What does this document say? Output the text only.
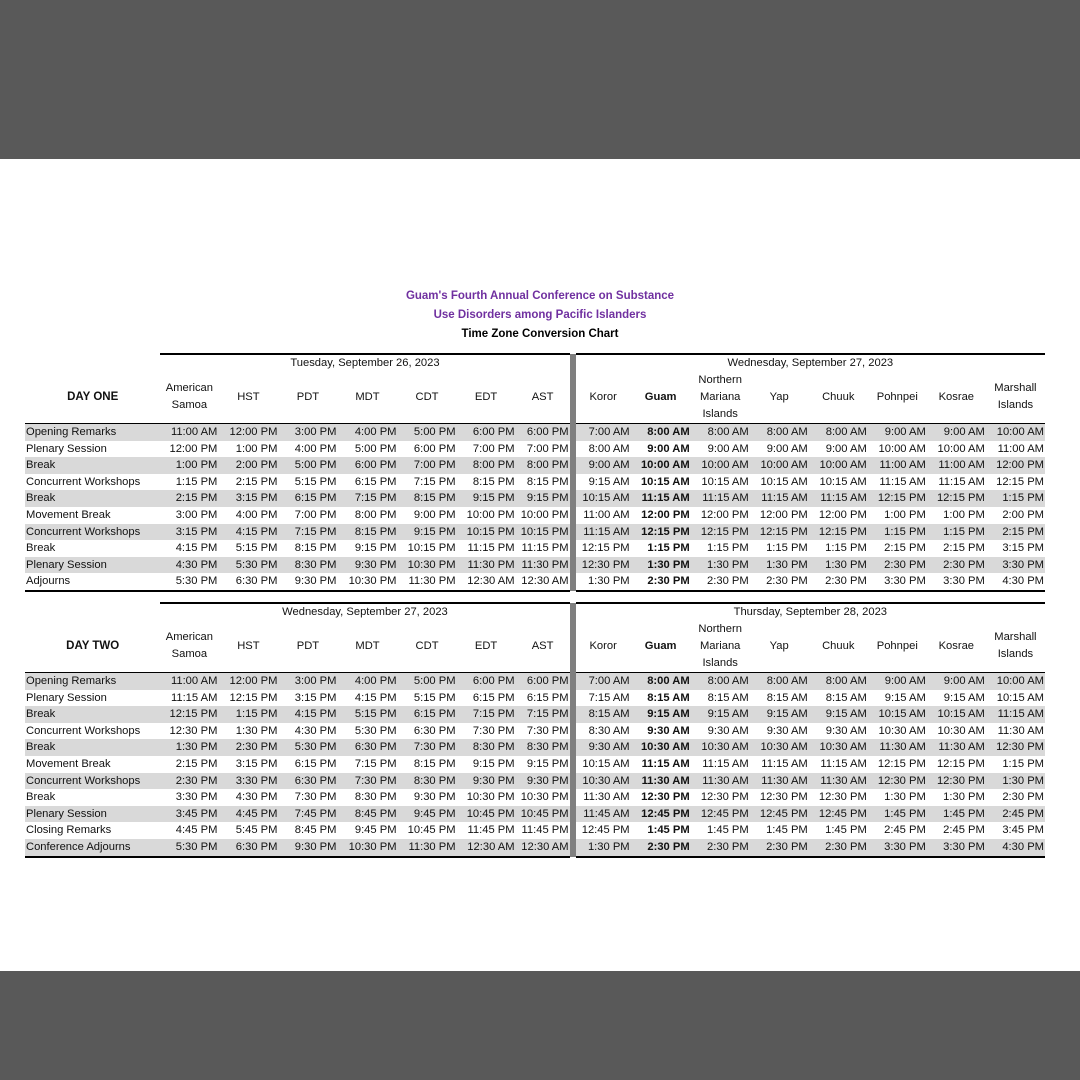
Guam's Fourth Annual Conference on Substance
Use Disorders among Pacific Islanders
Time Zone Conversion Chart
	Tuesday, September 26, 2023								Wednesday, September 27, 2023							
DAY ONE	American Samoa	HST	PDT	MDT	CDT	EDT	AST		Koror	Guam	Northern Mariana Islands	Yap	Chuuk	Pohnpei	Kosrae	Marshall Islands
Opening Remarks	11:00 AM	12:00 PM	3:00 PM	4:00 PM	5:00 PM	6:00 PM	6:00 PM		7:00 AM	8:00 AM	8:00 AM	8:00 AM	8:00 AM	9:00 AM	9:00 AM	10:00 AM
Plenary Session	12:00 PM	1:00 PM	4:00 PM	5:00 PM	6:00 PM	7:00 PM	7:00 PM		8:00 AM	9:00 AM	9:00 AM	9:00 AM	9:00 AM	10:00 AM	10:00 AM	11:00 AM
Break	1:00 PM	2:00 PM	5:00 PM	6:00 PM	7:00 PM	8:00 PM	8:00 PM		9:00 AM	10:00 AM	10:00 AM	10:00 AM	10:00 AM	11:00 AM	11:00 AM	12:00 PM
Concurrent Workshops	1:15 PM	2:15 PM	5:15 PM	6:15 PM	7:15 PM	8:15 PM	8:15 PM		9:15 AM	10:15 AM	10:15 AM	10:15 AM	10:15 AM	11:15 AM	11:15 AM	12:15 PM
Break	2:15 PM	3:15 PM	6:15 PM	7:15 PM	8:15 PM	9:15 PM	9:15 PM		10:15 AM	11:15 AM	11:15 AM	11:15 AM	11:15 AM	12:15 PM	12:15 PM	1:15 PM
Movement Break	3:00 PM	4:00 PM	7:00 PM	8:00 PM	9:00 PM	10:00 PM	10:00 PM		11:00 AM	12:00 PM	12:00 PM	12:00 PM	12:00 PM	1:00 PM	1:00 PM	2:00 PM
Concurrent Workshops	3:15 PM	4:15 PM	7:15 PM	8:15 PM	9:15 PM	10:15 PM	10:15 PM		11:15 AM	12:15 PM	12:15 PM	12:15 PM	12:15 PM	1:15 PM	1:15 PM	2:15 PM
Break	4:15 PM	5:15 PM	8:15 PM	9:15 PM	10:15 PM	11:15 PM	11:15 PM		12:15 PM	1:15 PM	1:15 PM	1:15 PM	1:15 PM	2:15 PM	2:15 PM	3:15 PM
Plenary Session	4:30 PM	5:30 PM	8:30 PM	9:30 PM	10:30 PM	11:30 PM	11:30 PM		12:30 PM	1:30 PM	1:30 PM	1:30 PM	1:30 PM	2:30 PM	2:30 PM	3:30 PM
Adjourns	5:30 PM	6:30 PM	9:30 PM	10:30 PM	11:30 PM	12:30 AM	12:30 AM		1:30 PM	2:30 PM	2:30 PM	2:30 PM	2:30 PM	3:30 PM	3:30 PM	4:30 PM
	Wednesday, September 27, 2023								Thursday, September 28, 2023							
DAY TWO	American Samoa	HST	PDT	MDT	CDT	EDT	AST		Koror	Guam	Northern Mariana Islands	Yap	Chuuk	Pohnpei	Kosrae	Marshall Islands
Opening Remarks	11:00 AM	12:00 PM	3:00 PM	4:00 PM	5:00 PM	6:00 PM	6:00 PM		7:00 AM	8:00 AM	8:00 AM	8:00 AM	8:00 AM	9:00 AM	9:00 AM	10:00 AM
Plenary Session	11:15 AM	12:15 PM	3:15 PM	4:15 PM	5:15 PM	6:15 PM	6:15 PM		7:15 AM	8:15 AM	8:15 AM	8:15 AM	8:15 AM	9:15 AM	9:15 AM	10:15 AM
Break	12:15 PM	1:15 PM	4:15 PM	5:15 PM	6:15 PM	7:15 PM	7:15 PM		8:15 AM	9:15 AM	9:15 AM	9:15 AM	9:15 AM	10:15 AM	10:15 AM	11:15 AM
Concurrent Workshops	12:30 PM	1:30 PM	4:30 PM	5:30 PM	6:30 PM	7:30 PM	7:30 PM		8:30 AM	9:30 AM	9:30 AM	9:30 AM	9:30 AM	10:30 AM	10:30 AM	11:30 AM
Break	1:30 PM	2:30 PM	5:30 PM	6:30 PM	7:30 PM	8:30 PM	8:30 PM		9:30 AM	10:30 AM	10:30 AM	10:30 AM	10:30 AM	11:30 AM	11:30 AM	12:30 PM
Movement Break	2:15 PM	3:15 PM	6:15 PM	7:15 PM	8:15 PM	9:15 PM	9:15 PM		10:15 AM	11:15 AM	11:15 AM	11:15 AM	11:15 AM	12:15 PM	12:15 PM	1:15 PM
Concurrent Workshops	2:30 PM	3:30 PM	6:30 PM	7:30 PM	8:30 PM	9:30 PM	9:30 PM		10:30 AM	11:30 AM	11:30 AM	11:30 AM	11:30 AM	12:30 PM	12:30 PM	1:30 PM
Break	3:30 PM	4:30 PM	7:30 PM	8:30 PM	9:30 PM	10:30 PM	10:30 PM		11:30 AM	12:30 PM	12:30 PM	12:30 PM	12:30 PM	1:30 PM	1:30 PM	2:30 PM
Plenary Session	3:45 PM	4:45 PM	7:45 PM	8:45 PM	9:45 PM	10:45 PM	10:45 PM		11:45 AM	12:45 PM	12:45 PM	12:45 PM	12:45 PM	1:45 PM	1:45 PM	2:45 PM
Closing Remarks	4:45 PM	5:45 PM	8:45 PM	9:45 PM	10:45 PM	11:45 PM	11:45 PM		12:45 PM	1:45 PM	1:45 PM	1:45 PM	1:45 PM	2:45 PM	2:45 PM	3:45 PM
Conference Adjourns	5:30 PM	6:30 PM	9:30 PM	10:30 PM	11:30 PM	12:30 AM	12:30 AM		1:30 PM	2:30 PM	2:30 PM	2:30 PM	2:30 PM	3:30 PM	3:30 PM	4:30 PM
